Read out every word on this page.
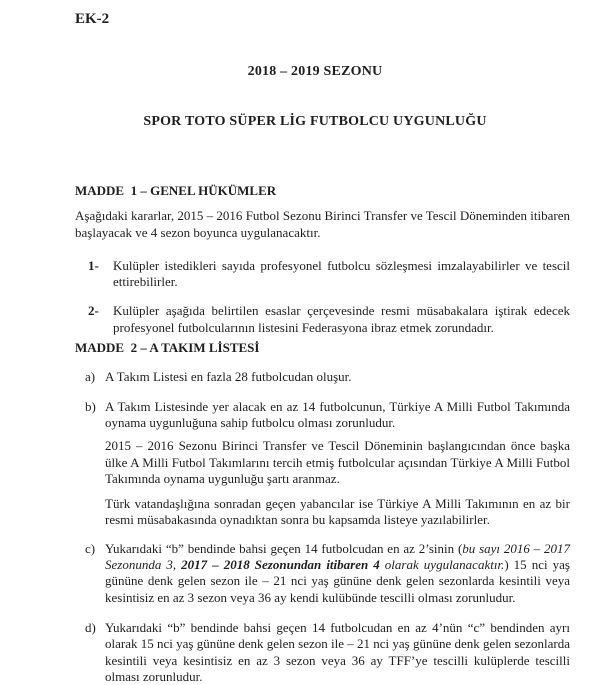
EK-2

2018 – 2019 SEZONU

SPOR TOTO SÜPER LİG FUTBOLCU UYGUNLUĞU

MADDE  1 – GENEL HÜKÜMLER
Aşağıdaki kararlar, 2015 – 2016 Futbol Sezonu Birinci Transfer ve Tescil Döneminden itibaren başlayacak ve 4 sezon boyunca uygulanacaktır.
1-	Kulüpler istedikleri sayıda profesyonel futbolcu sözleşmesi imzalayabilirler ve tescil ettirebilirler.
2-	Kulüpler aşağıda belirtilen esaslar çerçevesinde resmi müsabakalara iştirak edecek profesyonel futbolcularının listesini Federasyona ibraz etmek zorundadır.
MADDE  2 – A TAKIM LİSTESİ
a) A Takım Listesi en fazla 28 futbolcudan oluşur.
b) A Takım Listesinde yer alacak en az 14 futbolcunun, Türkiye A Milli Futbol Takımında oynama uygunluğuna sahip futbolcu olması zorunludur.
2015 – 2016 Sezonu Birinci Transfer ve Tescil Döneminin başlangıcından önce başka ülke A Milli Futbol Takımlarını tercih etmiş futbolcular açısından Türkiye A Milli Futbol Takımında oynama uygunluğu şartı aranmaz.
Türk vatandaşlığına sonradan geçen yabancılar ise Türkiye A Milli Takımının en az bir resmi müsabakasında oynadıktan sonra bu kapsamda listeye yazılabilirler.
c) Yukarıdaki “b” bendinde bahsi geçen 14 futbolcudan en az 2’sinin (bu sayı 2016 – 2017 Sezonunda 3, 2017 – 2018 Sezonundan itibaren 4 olarak uygulanacaktır.) 15 nci yaş gününe denk gelen sezon ile – 21 nci yaş gününe denk gelen sezonlarda kesintili veya kesintisiz en az 3 sezon veya 36 ay kendi kulübünde tescilli olması zorunludur.
d) Yukarıdaki “b” bendinde bahsi geçen 14 futbolcudan en az 4’nün “c” bendinden ayrı olarak 15 nci yaş gününe denk gelen sezon ile – 21 nci yaş gününe denk gelen sezonlarda kesintili veya kesintisiz en az 3 sezon veya 36 ay TFF’ye tescilli kulüplerde tescilli olması zorunludur.
